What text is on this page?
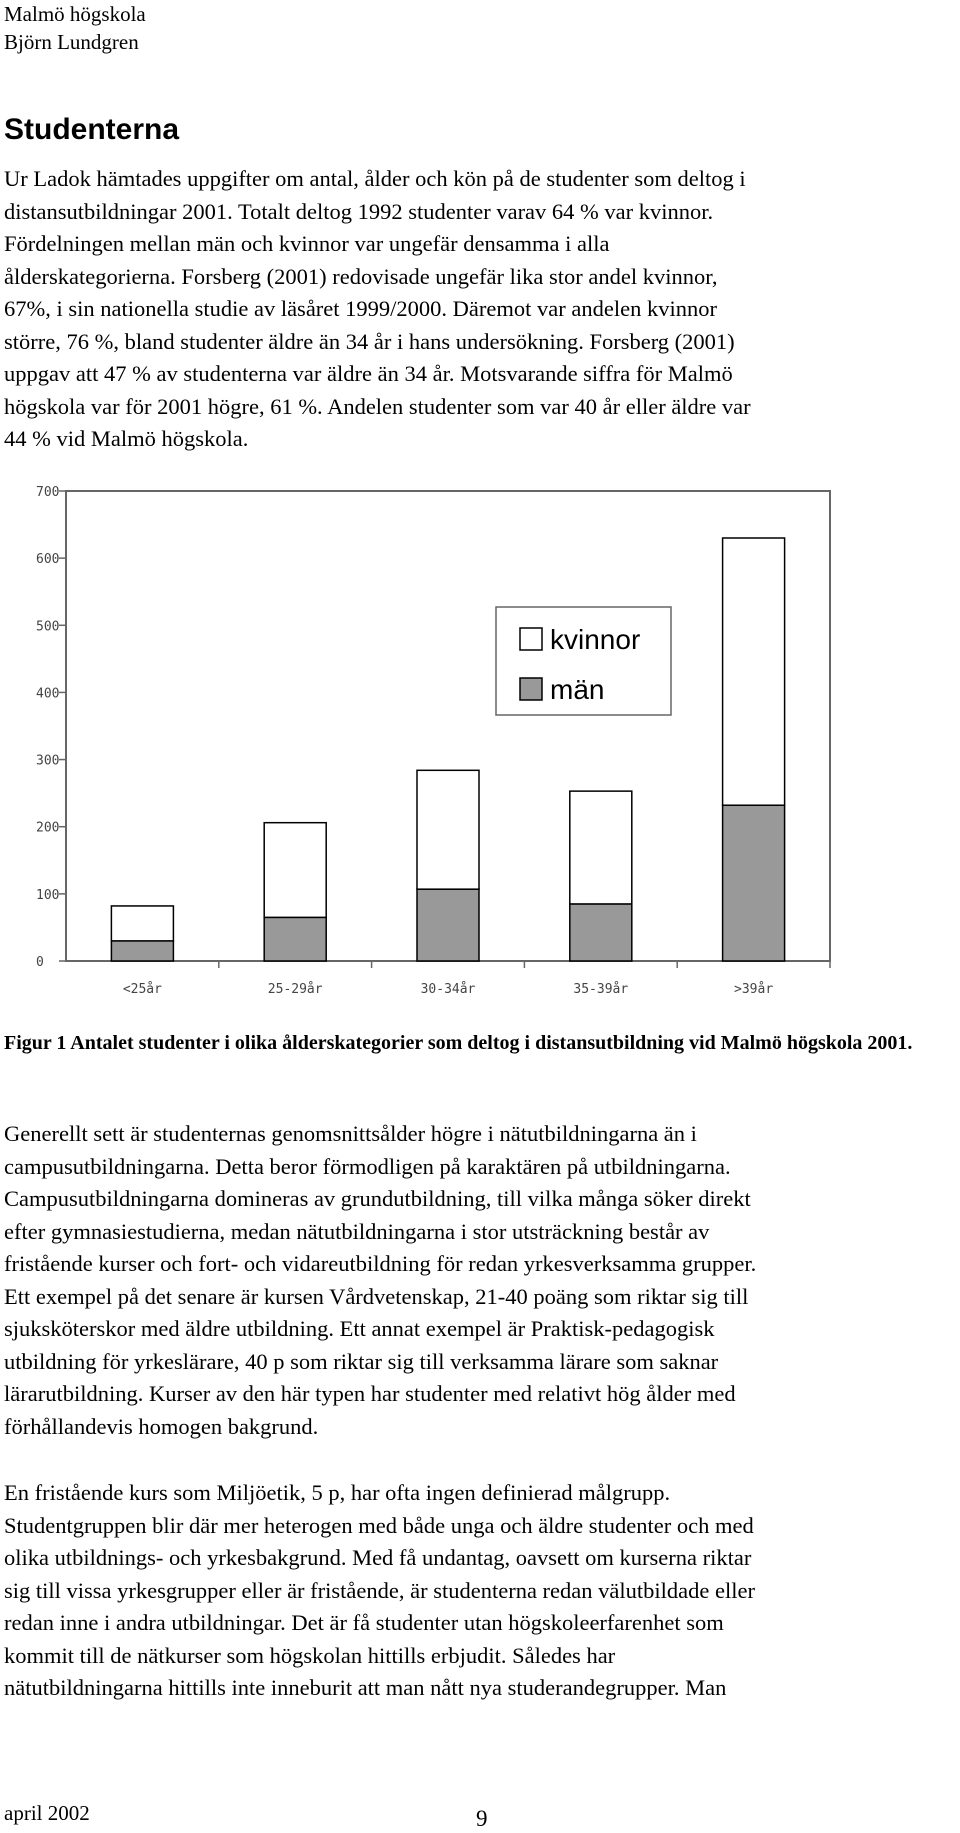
Malmö högskola
Björn Lundgren
Studenterna

Ur Ladok hämtades uppgifter om antal, ålder och kön på de studenter som deltog i
distansutbildningar 2001. Totalt deltog 1992 studenter varav 64 % var kvinnor.
Fördelningen mellan män och kvinnor var ungefär densamma i alla
ålderskategorierna. Forsberg (2001) redovisade ungefär lika stor andel kvinnor,
67%, i sin nationella studie av läsåret 1999/2000. Däremot var andelen kvinnor
större, 76 %, bland studenter äldre än 34 år i hans undersökning. Forsberg (2001)
uppgav att 47 % av studenterna var äldre än 34 år. Motsvarande siffra för Malmö
högskola var för 2001 högre, 61 %. Andelen studenter som var 40 år eller äldre var
44 % vid Malmö högskola.

0
100
200
300
400
500
600
700
<25år	25-29år	30-34år	35-39år	>39år
kvinnor
män

Figur 1 Antalet studenter i olika ålderskategorier som deltog i distansutbildning vid Malmö högskola 2001.

Generellt sett är studenternas genomsnittsålder högre i nätutbildningarna än i
campusutbildningarna. Detta beror förmodligen på karaktären på utbildningarna.
Campusutbildningarna domineras av grundutbildning, till vilka många söker direkt
efter gymnasiestudierna, medan nätutbildningarna i stor utsträckning består av
fristående kurser och fort- och vidareutbildning för redan yrkesverksamma grupper.
Ett exempel på det senare är kursen Vårdvetenskap, 21-40 poäng som riktar sig till
sjuksköterskor med äldre utbildning. Ett annat exempel är Praktisk-pedagogisk
utbildning för yrkeslärare, 40 p som riktar sig till verksamma lärare som saknar
lärarutbildning. Kurser av den här typen har studenter med relativt hög ålder med
förhållandevis homogen bakgrund.

En fristående kurs som Miljöetik, 5 p, har ofta ingen definierad målgrupp.
Studentgruppen blir där mer heterogen med både unga och äldre studenter och med
olika utbildnings- och yrkesbakgrund. Med få undantag, oavsett om kurserna riktar
sig till vissa yrkesgrupper eller är fristående, är studenterna redan välutbildade eller
redan inne i andra utbildningar. Det är få studenter utan högskoleerfarenhet som
kommit till de nätkurser som högskolan hittills erbjudit. Således har
nätutbildningarna hittills inte inneburit att man nått nya studerandegrupper. Man

april 2002	9
